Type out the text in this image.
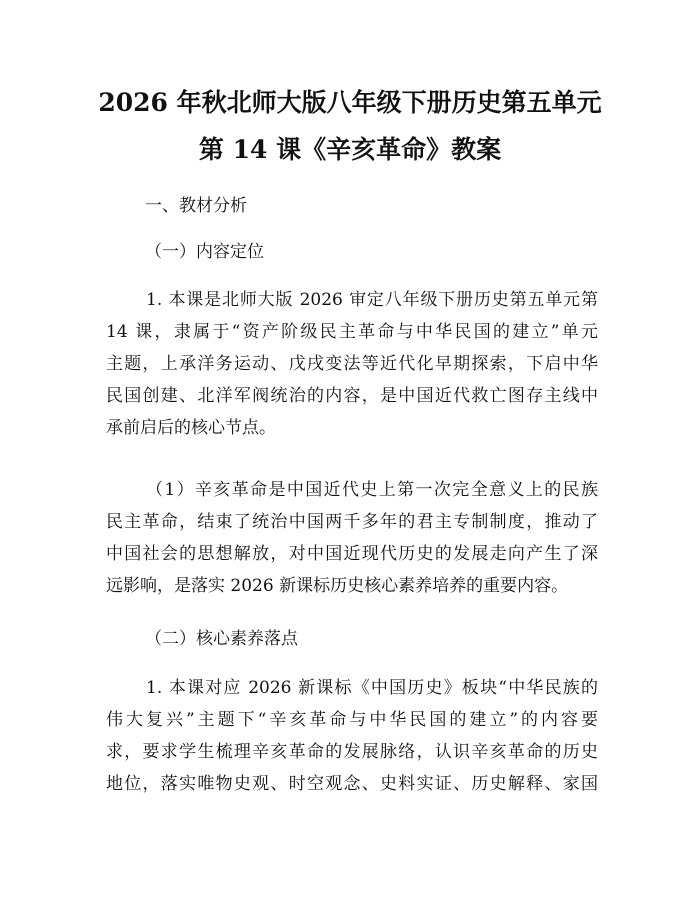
2026 年秋北师大版八年级下册历史第五单元
第 14 课《辛亥革命》教案
一、教材分析
（一）内容定位
1. 本课是北师大版 2026 审定八年级下册历史第五单元第
14 课，隶属于“资产阶级民主革命与中华民国的建立”单元
主题，上承洋务运动、戊戌变法等近代化早期探索，下启中华
民国创建、北洋军阀统治的内容，是中国近代救亡图存主线中
承前启后的核心节点。
（1）辛亥革命是中国近代史上第一次完全意义上的民族
民主革命，结束了统治中国两千多年的君主专制制度，推动了
中国社会的思想解放，对中国近现代历史的发展走向产生了深
远影响，是落实 2026 新课标历史核心素养培养的重要内容。
（二）核心素养落点
1. 本课对应 2026 新课标《中国历史》板块“中华民族的
伟大复兴”主题下“辛亥革命与中华民国的建立”的内容要
求，要求学生梳理辛亥革命的发展脉络，认识辛亥革命的历史
地位，落实唯物史观、时空观念、史料实证、历史解释、家国
